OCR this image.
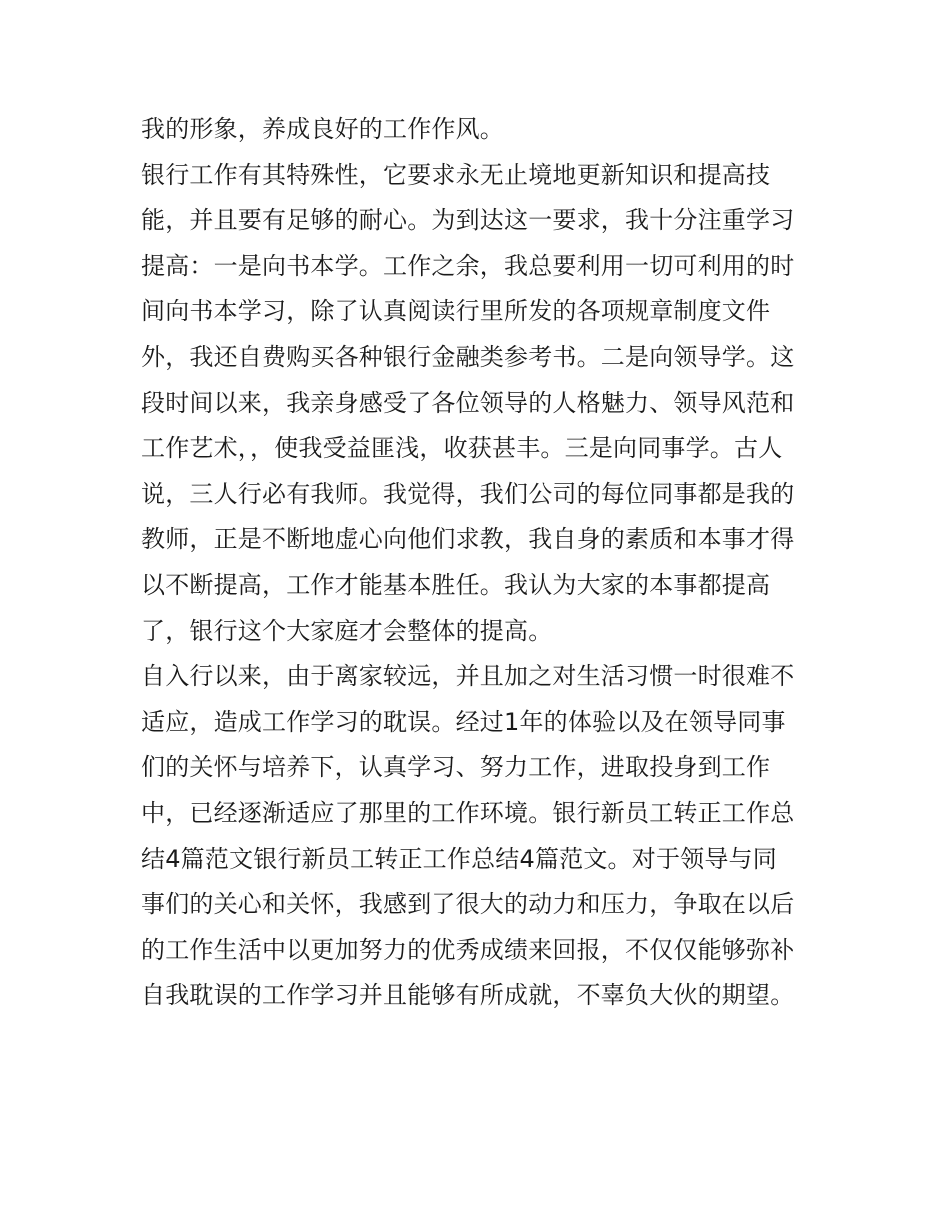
我的形象，养成良好的工作作风。
银行工作有其特殊性，它要求永无止境地更新知识和提高技
能，并且要有足够的耐心。为到达这一要求，我十分注重学习
提高：一是向书本学。工作之余，我总要利用一切可利用的时
间向书本学习，除了认真阅读行里所发的各项规章制度文件
外，我还自费购买各种银行金融类参考书。二是向领导学。这
段时间以来，我亲身感受了各位领导的人格魅力、领导风范和
工作艺术，，使我受益匪浅，收获甚丰。三是向同事学。古人
说，三人行必有我师。我觉得，我们公司的每位同事都是我的
教师，正是不断地虚心向他们求教，我自身的素质和本事才得
以不断提高，工作才能基本胜任。我认为大家的本事都提高
了，银行这个大家庭才会整体的提高。
自入行以来，由于离家较远，并且加之对生活习惯一时很难不
适应，造成工作学习的耽误。经过1年的体验以及在领导同事
们的关怀与培养下，认真学习、努力工作，进取投身到工作
中，已经逐渐适应了那里的工作环境。银行新员工转正工作总
结4篇范文银行新员工转正工作总结4篇范文。对于领导与同
事们的关心和关怀，我感到了很大的动力和压力，争取在以后
的工作生活中以更加努力的优秀成绩来回报，不仅仅能够弥补
自我耽误的工作学习并且能够有所成就，不辜负大伙的期望。
